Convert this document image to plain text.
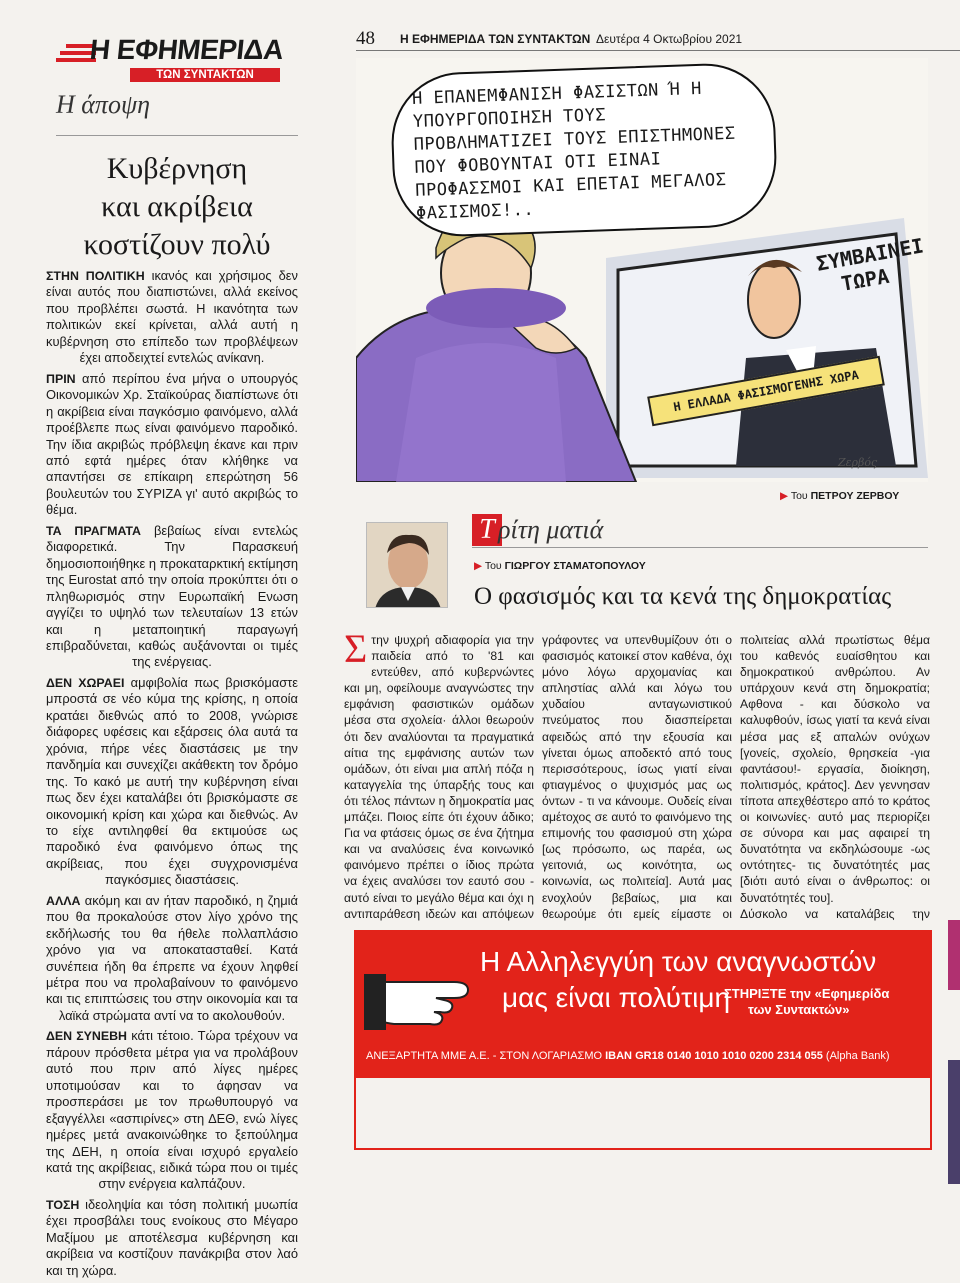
Η ΕΦΗΜΕΡΙΔΑ
ΤΩΝ ΣΥΝΤΑΚΤΩΝ
Η άποψη
Κυβέρνηση
και ακρίβεια
κοστίζουν πολύ

ΣΤΗΝ ΠΟΛΙΤΙΚΗ ικανός και χρήσιμος δεν είναι αυτός που διαπιστώνει, αλλά εκείνος που προβλέπει σωστά. Η ικανότητα των πολιτικών εκεί κρίνεται, αλλά αυτή η κυβέρνηση στο επίπεδο των προβλέψεων έχει αποδειχτεί εντελώς ανίκανη.

ΠΡΙΝ από περίπου ένα μήνα ο υπουργός Οικονομικών Χρ. Σταϊκούρας διαπίστωνε ότι η ακρίβεια είναι παγκόσμιο φαινόμενο, αλλά προέβλεπε πως είναι φαινόμενο παροδικό. Την ίδια ακριβώς πρόβλεψη έκανε και πριν από εφτά ημέρες όταν κλήθηκε να απαντήσει σε επίκαιρη επερώτηση 56 βουλευτών του ΣΥΡΙΖΑ γι' αυτό ακριβώς το θέμα.

ΤΑ ΠΡΑΓΜΑΤΑ βεβαίως είναι εντελώς διαφορετικά. Την Παρασκευή δημοσιοποιήθηκε η προκαταρκτική εκτίμηση της Eurostat από την οποία προκύπτει ότι ο πληθωρισμός στην Ευρωπαϊκή Ενωση αγγίζει το υψηλό των τελευταίων 13 ετών και η μεταποιητική παραγωγή επιβραδύνεται, καθώς αυξάνονται οι τιμές της ενέργειας.

ΔΕΝ ΧΩΡΑΕΙ αμφιβολία πως βρισκόμαστε μπροστά σε νέο κύμα της κρίσης, η οποία κρατάει διεθνώς από το 2008, γνώρισε διάφορες υφέσεις και εξάρσεις όλα αυτά τα χρόνια, πήρε νέες διαστάσεις με την πανδημία και συνεχίζει ακάθεκτη τον δρόμο της. Το κακό με αυτή την κυβέρνηση είναι πως δεν έχει καταλάβει ότι βρισκόμαστε σε οικονομική κρίση και χώρα και διεθνώς. Αν το είχε αντιληφθεί θα εκτιμούσε ως παροδικό ένα φαινόμενο όπως της ακρίβειας, που έχει συγχρονισμένα παγκόσμιες διαστάσεις.

ΑΛΛΑ ακόμη και αν ήταν παροδικό, η ζημιά που θα προκαλούσε στον λίγο χρόνο της εκδήλωσής του θα ήθελε πολλαπλάσιο χρόνο για να αποκατασταθεί. Κατά συνέπεια ήδη θα έπρεπε να έχουν ληφθεί μέτρα που να προλαβαίνουν το φαινόμενο και τις επιπτώσεις του στην οικονομία και τα λαϊκά στρώματα αντί να το ακολουθούν.

ΔΕΝ ΣΥΝΕΒΗ κάτι τέτοιο. Τώρα τρέχουν να πάρουν πρόσθετα μέτρα για να προλάβουν αυτό που πριν από λίγες ημέρες υποτιμούσαν και το άφησαν να προσπεράσει με τον πρωθυπουργό να εξαγγέλλει «ασπιρίνες» στη ΔΕΘ, ενώ λίγες ημέρες μετά ανακοινώθηκε το ξεπούλημα της ΔΕΗ, η οποία είναι ισχυρό εργαλείο κατά της ακρίβειας, ειδικά τώρα που οι τιμές στην ενέργεια καλπάζουν.

ΤΟΣΗ ιδεοληψία και τόση πολιτική μυωπία έχει προσβάλει τους ενοίκους στο Μέγαρο Μαξίμου με αποτέλεσμα κυβέρνηση και ακρίβεια να κοστίζουν πανάκριβα στον λαό και τη χώρα.

48 Η ΕΦΗΜΕΡΙΔΑ ΤΩΝ ΣΥΝΤΑΚΤΩΝ Δευτέρα 4 Οκτωβρίου 2021
Η ΕΠΑΝΕΜΦΑΝΙΣΗ ΦΑΣΙΣΤΩΝ Ή Η ΥΠΟΥΡΓΟΠΟΙΗΣΗ ΤΟΥΣ ΠΡΟΒΛΗΜΑΤΙΖΕΙ ΤΟΥΣ ΕΠΙΣΤΗΜΟΝΕΣ ΠΟΥ ΦΟΒΟΥΝΤΑΙ ΟΤΙ ΕΙΝΑΙ ΠΡΟΦΑΣΣΜΟΙ ΚΑΙ ΕΠΕΤΑΙ ΜΕΓΑΛΟΣ ΦΑΣΙΣΜΟΣ!..
ΣΥΜΒΑΙΝΕΙ ΤΩΡΑ
Η ΕΛΛΑΔΑ ΦΑΣΙΣΜΟΓΕΝΗΣ ΧΩΡΑ
Ζερβός
▶ Του ΠΕΤΡΟΥ ΖΕΡΒΟΥ
Τ ρίτη ματιά
▶ Του ΓΙΩΡΓΟΥ ΣΤΑΜΑΤΟΠΟΥΛΟΥ
Ο φασισμός και τα κενά της δημοκρατίας
Σ την ψυχρή αδιαφορία για την παιδεία από το '81 και εντεύθεν, από κυβερνώντες και μη, οφείλουμε αναγνώστες την εμφάνιση φασιστικών ομάδων μέσα στα σχολεία· άλλοι θεωρούν ότι δεν αναλύονται τα πραγματικά αίτια της εμφάνισης αυτών των ομάδων, ότι είναι μια απλή πόζα η καταγγελία της ύπαρξής τους και ότι τέλος πάντων η δημοκρατία μας μπάζει. Ποιος είπε ότι έχουν άδικο; Για να φτάσεις όμως σε ένα ζήτημα και να αναλύσεις ένα κοινωνικό φαινόμενο πρέπει ο ίδιος πρώτα να έχεις αναλύσει τον εαυτό σου - αυτό είναι το μεγάλο θέμα και όχι η αντιπαράθεση ιδεών και απόψεων

γράφοντες να υπενθυμίζουν ότι ο φασισμός κατοικεί στον καθένα, όχι μόνο λόγω αρχομανίας και απληστίας αλλά και λόγω του χυδαίου ανταγωνιστικού πνεύματος που διασπείρεται αφειδώς από την εξουσία και γίνεται όμως αποδεκτό από τους περισσότερους, ίσως γιατί είναι φτιαγμένος ο ψυχισμός μας ως όντων - τι να κάνουμε. Ουδείς είναι αμέτοχος σε αυτό το φαινόμενο της επιμονής του φασισμού στη χώρα [ως πρόσωπο, ως παρέα, ως γειτονιά, ως κοινότητα, ως κοινωνία, ως πολιτεία]. Αυτά μας ενοχλούν βεβαίως, μια και θεωρούμε ότι εμείς είμαστε οι

πολιτείας αλλά πρωτίστως θέμα του καθενός ευαίσθητου και δημοκρατικού ανθρώπου. Αν υπάρχουν κενά στη δημοκρατία; Αφθονα - και δύσκολο να καλυφθούν, ίσως γιατί τα κενά είναι μέσα μας εξ απαλών ονύχων [γονείς, σχολείο, θρησκεία -για φαντάσου!- εργασία, διοίκηση, πολιτισμός, κράτος]. Δεν γεννησαν τίποτα απεχθέστερο από το κράτος οι κοινωνίες· αυτό μας περιορίζει σε σύνορα και μας αφαιρεί τη δυνατότητα να εκδηλώσουμε -ως οντότητες- τις δυνατότητές μας [διότι αυτό είναι ο άνθρωπος: οι δυνατότητές του].
Δύσκολο να καταλάβεις την

Η Αλληλεγγύη των αναγνωστών
μας είναι πολύτιμη
ΣΤΗΡΙΞΤΕ την «Εφημερίδα
των Συντακτών»
ΑΝΕΞΑΡΤΗΤΑ ΜΜΕ Α.Ε. - ΣΤΟΝ ΛΟΓΑΡΙΑΣΜΟ IBAN GR18 0140 1010 1010 0200 2314 055 (Alpha Bank)
